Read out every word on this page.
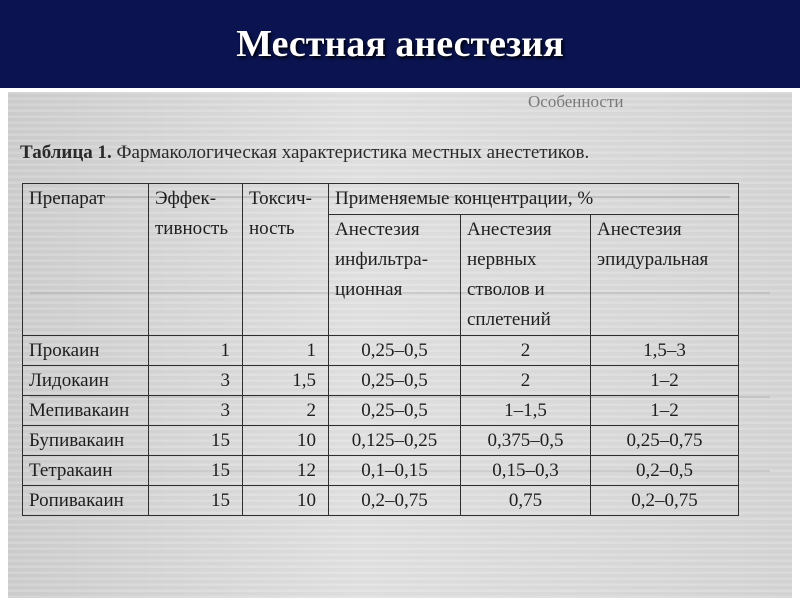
Местная анестезия
Особенности
Таблица 1. Фармакологическая характеристика местных анестетиков.
Препарат	Эффек-тивность	Токсич-ность	Применяемые концентрации, %		
			Анестезия инфильтра-ционная	Анестезия нервных стволов и сплетений	Анестезия эпидуральная
Прокаин	1	1	0,25–0,5	2	1,5–3
Лидокаин	3	1,5	0,25–0,5	2	1–2
Мепивакаин	3	2	0,25–0,5	1–1,5	1–2
Бупивакаин	15	10	0,125–0,25	0,375–0,5	0,25–0,75
Тетракаин	15	12	0,1–0,15	0,15–0,3	0,2–0,5
Ропивакаин	15	10	0,2–0,75	0,75	0,2–0,75
